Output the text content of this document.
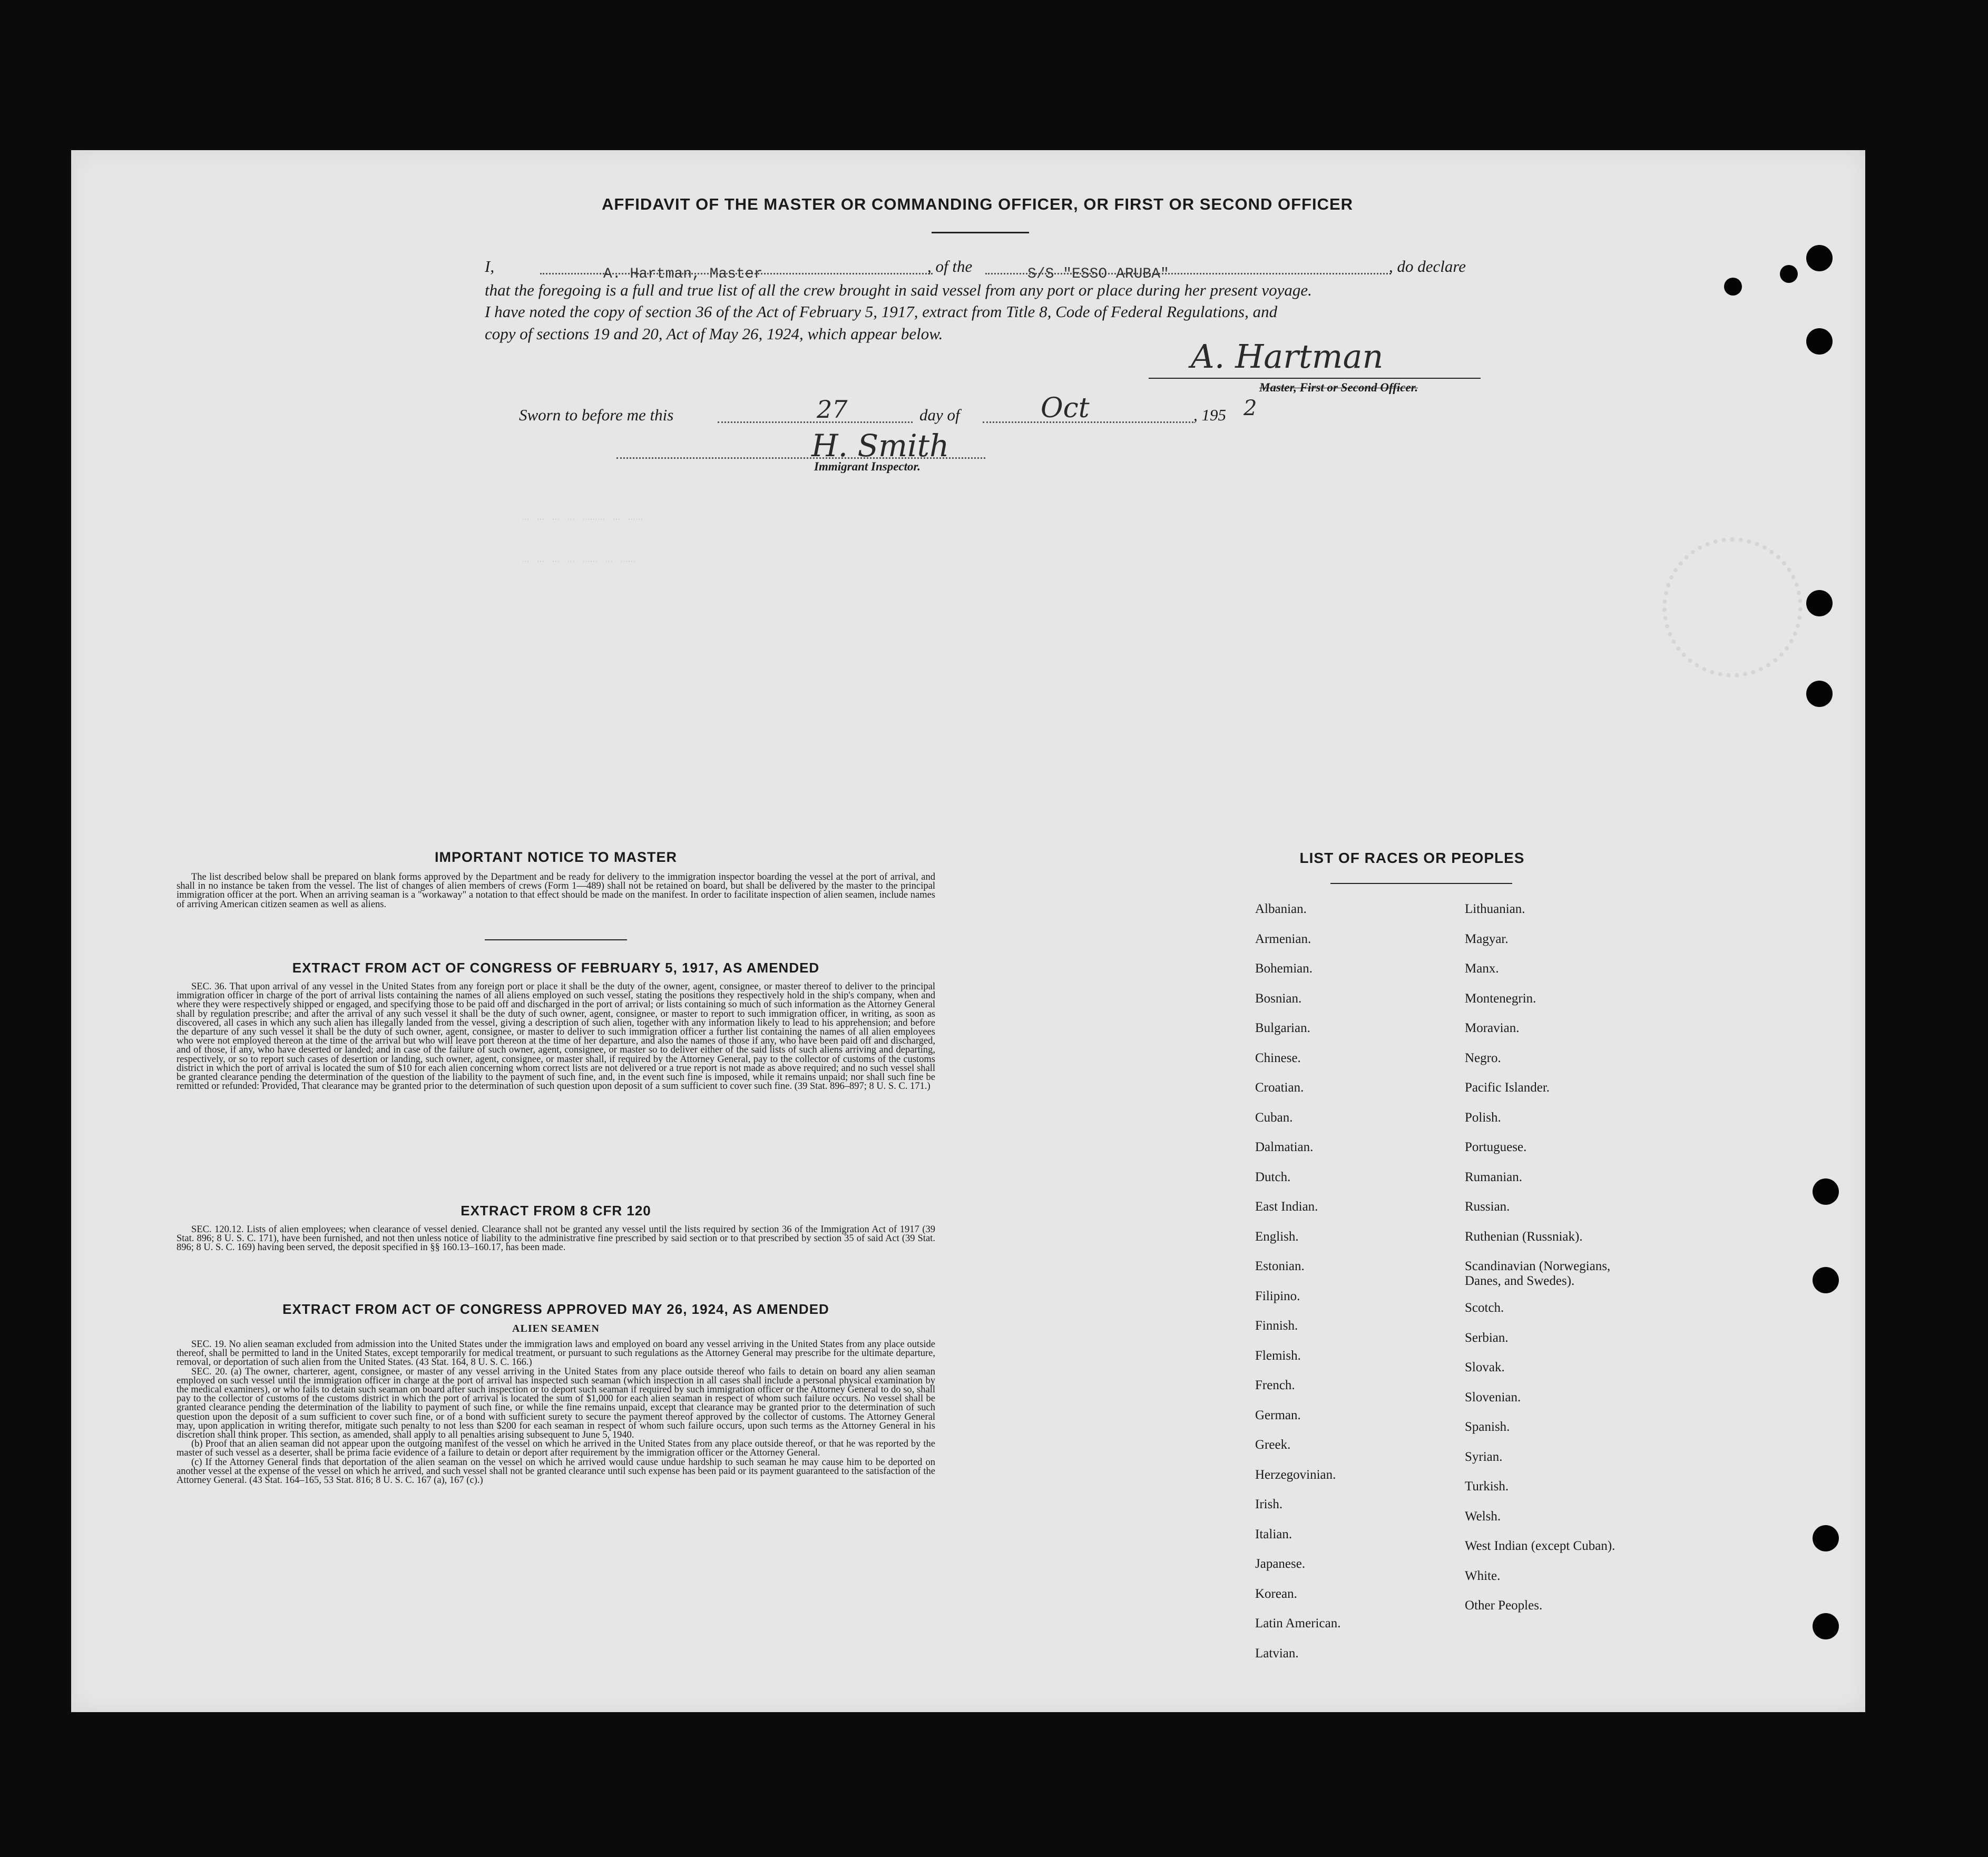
… … … … ……… … ……
… … … … …… … ……
AFFIDAVIT OF THE MASTER OR COMMANDING OFFICER, OR FIRST OR SECOND OFFICER
I,	A. Hartman, Master	, of the	S/S "ESSO ARUBA"	, do declare
that the foregoing is a full and true list of all the crew brought in said vessel from any port or place during her present voyage.
I have noted the copy of section 36 of the Act of February 5, 1917, extract from Title 8, Code of Federal Regulations, and
copy of sections 19 and 20, Act of May 26, 1924, which appear below.
A. Hartman
Master, First or Second Officer.
Sworn to before me this	27	day of	Oct	, 195 2
H. Smith
Immigrant Inspector.
IMPORTANT NOTICE TO MASTER

The list described below shall be prepared on blank forms approved by the Department and be ready for delivery to the immigration inspector boarding the vessel at the port of arrival, and shall in no instance be taken from the vessel. The list of changes of alien members of crews (Form 1—489) shall not be retained on board, but shall be delivered by the master to the principal immigration officer at the port. When an arriving seaman is a "workaway" a notation to that effect should be made on the manifest. In order to facilitate inspection of alien seamen, include names of arriving American citizen seamen as well as aliens.

EXTRACT FROM ACT OF CONGRESS OF FEBRUARY 5, 1917, AS AMENDED

SEC. 36. That upon arrival of any vessel in the United States from any foreign port or place it shall be the duty of the owner, agent, consignee, or master thereof to deliver to the principal immigration officer in charge of the port of arrival lists containing the names of all aliens employed on such vessel, stating the positions they respectively hold in the ship's company, when and where they were respectively shipped or engaged, and specifying those to be paid off and discharged in the port of arrival; or lists containing so much of such information as the Attorney General shall by regulation prescribe; and after the arrival of any such vessel it shall be the duty of such owner, agent, consignee, or master to report to such immigration officer, in writing, as soon as discovered, all cases in which any such alien has illegally landed from the vessel, giving a description of such alien, together with any information likely to lead to his apprehension; and before the departure of any such vessel it shall be the duty of such owner, agent, consignee, or master to deliver to such immigration officer a further list containing the names of all alien employees who were not employed thereon at the time of the arrival but who will leave port thereon at the time of her departure, and also the names of those if any, who have been paid off and discharged, and of those, if any, who have deserted or landed; and in case of the failure of such owner, agent, consignee, or master so to deliver either of the said lists of such aliens arriving and departing, respectively, or so to report such cases of desertion or landing, such owner, agent, consignee, or master shall, if required by the Attorney General, pay to the collector of customs of the customs district in which the port of arrival is located the sum of $10 for each alien concerning whom correct lists are not delivered or a true report is not made as above required; and no such vessel shall be granted clearance pending the determination of the question of the liability to the payment of such fine, and, in the event such fine is imposed, while it remains unpaid; nor shall such fine be remitted or refunded: Provided, That clearance may be granted prior to the determination of such question upon deposit of a sum sufficient to cover such fine. (39 Stat. 896–897; 8 U. S. C. 171.)

EXTRACT FROM 8 CFR 120

SEC. 120.12. Lists of alien employees; when clearance of vessel denied. Clearance shall not be granted any vessel until the lists required by section 36 of the Immigration Act of 1917 (39 Stat. 896; 8 U. S. C. 171), have been furnished, and not then unless notice of liability to the administrative fine prescribed by said section or to that prescribed by section 35 of said Act (39 Stat. 896; 8 U. S. C. 169) having been served, the deposit specified in §§ 160.13–160.17, has been made.

EXTRACT FROM ACT OF CONGRESS APPROVED MAY 26, 1924, AS AMENDED
ALIEN SEAMEN

SEC. 19. No alien seaman excluded from admission into the United States under the immigration laws and employed on board any vessel arriving in the United States from any place outside thereof, shall be permitted to land in the United States, except temporarily for medical treatment, or pursuant to such regulations as the Attorney General may prescribe for the ultimate departure, removal, or deportation of such alien from the United States. (43 Stat. 164, 8 U. S. C. 166.)

SEC. 20. (a) The owner, charterer, agent, consignee, or master of any vessel arriving in the United States from any place outside thereof who fails to detain on board any alien seaman employed on such vessel until the immigration officer in charge at the port of arrival has inspected such seaman (which inspection in all cases shall include a personal physical examination by the medical examiners), or who fails to detain such seaman on board after such inspection or to deport such seaman if required by such immigration officer or the Attorney General to do so, shall pay to the collector of customs of the customs district in which the port of arrival is located the sum of $1,000 for each alien seaman in respect of whom such failure occurs. No vessel shall be granted clearance pending the determination of the liability to payment of such fine, or while the fine remains unpaid, except that clearance may be granted prior to the determination of such question upon the deposit of a sum sufficient to cover such fine, or of a bond with sufficient surety to secure the payment thereof approved by the collector of customs. The Attorney General may, upon application in writing therefor, mitigate such penalty to not less than $200 for each seaman in respect of whom such failure occurs, upon such terms as the Attorney General in his discretion shall think proper. This section, as amended, shall apply to all penalties arising subsequent to June 5, 1940.

(b) Proof that an alien seaman did not appear upon the outgoing manifest of the vessel on which he arrived in the United States from any place outside thereof, or that he was reported by the master of such vessel as a deserter, shall be prima facie evidence of a failure to detain or deport after requirement by the immigration officer or the Attorney General.

(c) If the Attorney General finds that deportation of the alien seaman on the vessel on which he arrived would cause undue hardship to such seaman he may cause him to be deported on another vessel at the expense of the vessel on which he arrived, and such vessel shall not be granted clearance until such expense has been paid or its payment guaranteed to the satisfaction of the Attorney General. (43 Stat. 164–165, 53 Stat. 816; 8 U. S. C. 167 (a), 167 (c).)

LIST OF RACES OR PEOPLES
Albanian.
Armenian.
Bohemian.
Bosnian.
Bulgarian.
Chinese.
Croatian.
Cuban.
Dalmatian.
Dutch.
East Indian.
English.
Estonian.
Filipino.
Finnish.
Flemish.
French.
German.
Greek.
Herzegovinian.
Irish.
Italian.
Japanese.
Korean.
Latin American.
Latvian.
Lithuanian.
Magyar.
Manx.
Montenegrin.
Moravian.
Negro.
Pacific Islander.
Polish.
Portuguese.
Rumanian.
Russian.
Ruthenian (Russniak).
Scandinavian (Norwegians, Danes, and Swedes).
Scotch.
Serbian.
Slovak.
Slovenian.
Spanish.
Syrian.
Turkish.
Welsh.
West Indian (except Cuban).
White.
Other Peoples.
